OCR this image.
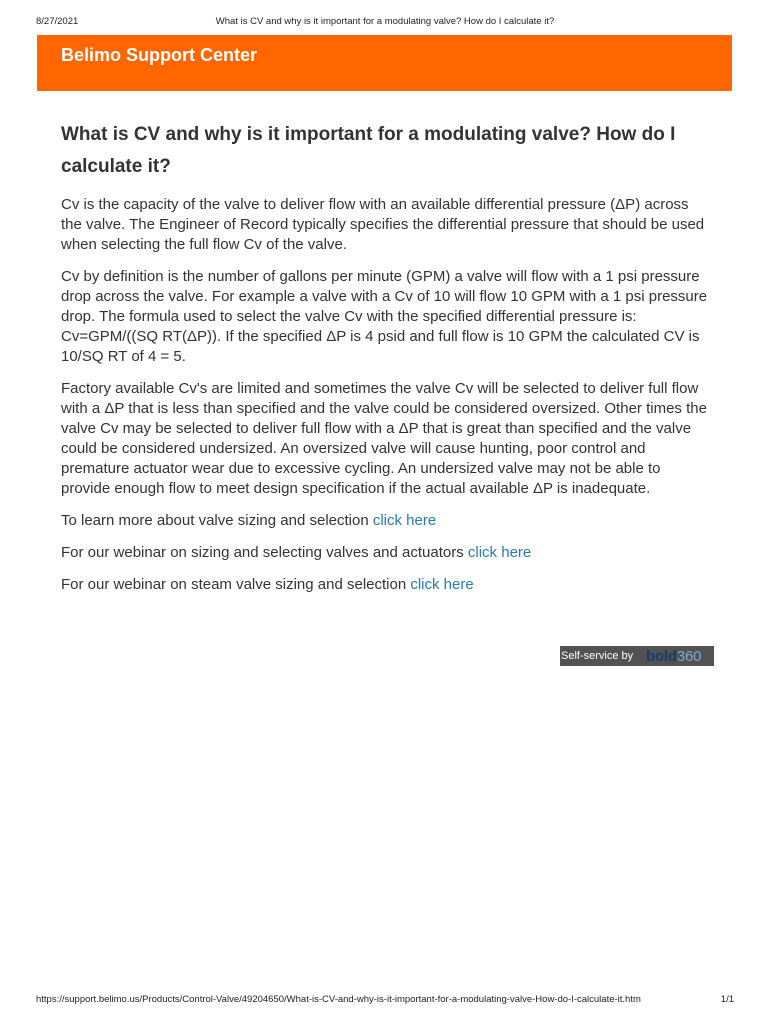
8/27/2021	What is CV and why is it important for a modulating valve? How do I calculate it?
Belimo Support Center
What is CV and why is it important for a modulating valve? How do I calculate it?

Cv is the capacity of the valve to deliver flow with an available differential pressure (ΔP) across the valve. The Engineer of Record typically specifies the differential pressure that should be used when selecting the full flow Cv of the valve.

Cv by definition is the number of gallons per minute (GPM) a valve will flow with a 1 psi pressure drop across the valve. For example a valve with a Cv of 10 will flow 10 GPM with a 1 psi pressure drop. The formula used to select the valve Cv with the specified differential pressure is: Cv=GPM/((SQ RT(ΔP)). If the specified ΔP is 4 psid and full flow is 10 GPM the calculated CV is 10/SQ RT of 4 = 5.

Factory available Cv's are limited and sometimes the valve Cv will be selected to deliver full flow with a ΔP that is less than specified and the valve could be considered oversized. Other times the valve Cv may be selected to deliver full flow with a ΔP that is great than specified and the valve could be considered undersized. An oversized valve will cause hunting, poor control and premature actuator wear due to excessive cycling. An undersized valve may not be able to provide enough flow to meet design specification if the actual available ΔP is inadequate.

To learn more about valve sizing and selection click here

For our webinar on sizing and selecting valves and actuators click here

For our webinar on steam valve sizing and selection click here

Self-service by bold 360
https://support.belimo.us/Products/Control-Valve/49204650/What-is-CV-and-why-is-it-important-for-a-modulating-valve-How-do-I-calculate-it.htm	1/1
